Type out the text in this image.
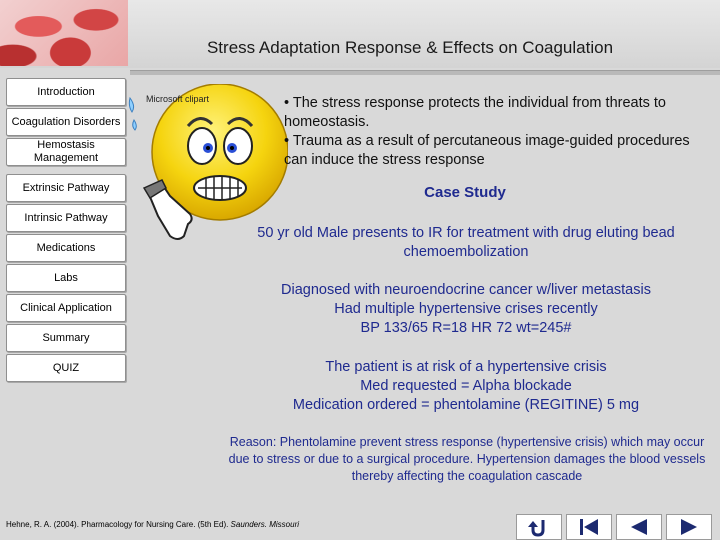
Stress Adaptation Response & Effects on Coagulation
Introduction
Coagulation Disorders
Hemostasis Management
Extrinsic Pathway
Intrinsic Pathway
Medications
Labs
Clinical Application
Summary
QUIZ
Microsoft clipart	• The stress response protects the individual from threats to homeostasis.
• Trauma as a result of percutaneous image-guided procedures can induce the stress response
Case Study
50 yr old Male presents to IR for treatment with drug eluting bead chemoembolization
Diagnosed with neuroendocrine cancer w/liver metastasis
Had multiple hypertensive crises recently
BP 133/65 R=18 HR 72 wt=245#
The patient is at risk of a hypertensive crisis
Med requested = Alpha blockade
Medication ordered = phentolamine (REGITINE) 5 mg
Reason: Phentolamine prevent stress response (hypertensive crisis) which may occur due to stress or due to a surgical procedure. Hypertension damages the blood vessels thereby affecting the coagulation cascade
Hehne, R. A. (2004). Pharmacology for Nursing Care. (5th Ed). Saunders. Missouri
